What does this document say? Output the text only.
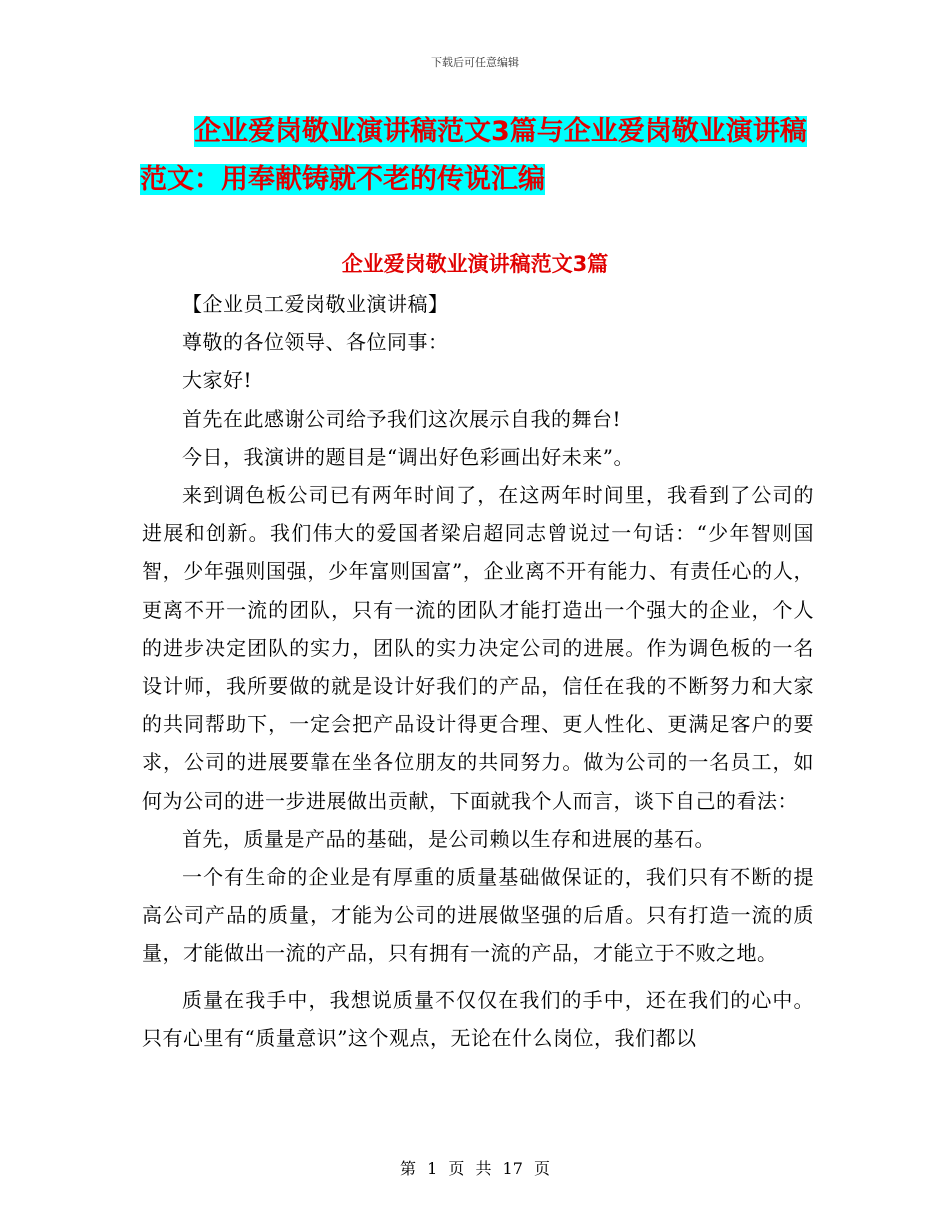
下载后可任意编辑
企业爱岗敬业演讲稿范文3篇与企业爱岗敬业演讲稿范文：用奉献铸就不老的传说汇编
企业爱岗敬业演讲稿范文3篇

【企业员工爱岗敬业演讲稿】

尊敬的各位领导、各位同事：

大家好!

首先在此感谢公司给予我们这次展示自我的舞台!

今日，我演讲的题目是“调出好色彩画出好未来”。

来到调色板公司已有两年时间了，在这两年时间里，我看到了公司的进展和创新。我们伟大的爱国者梁启超同志曾说过一句话：“少年智则国智，少年强则国强，少年富则国富”，企业离不开有能力、有责任心的人，更离不开一流的团队，只有一流的团队才能打造出一个强大的企业，个人的进步决定团队的实力，团队的实力决定公司的进展。作为调色板的一名设计师，我所要做的就是设计好我们的产品，信任在我的不断努力和大家的共同帮助下，一定会把产品设计得更合理、更人性化、更满足客户的要求，公司的进展要靠在坐各位朋友的共同努力。做为公司的一名员工，如何为公司的进一步进展做出贡献，下面就我个人而言，谈下自己的看法：

首先，质量是产品的基础，是公司赖以生存和进展的基石。

一个有生命的企业是有厚重的质量基础做保证的，我们只有不断的提高公司产品的质量，才能为公司的进展做坚强的后盾。只有打造一流的质量，才能做出一流的产品，只有拥有一流的产品，才能立于不败之地。

质量在我手中，我想说质量不仅仅在我们的手中，还在我们的心中。只有心里有“质量意识”这个观点，无论在什么岗位，我们都以

第 1 页 共 17 页
